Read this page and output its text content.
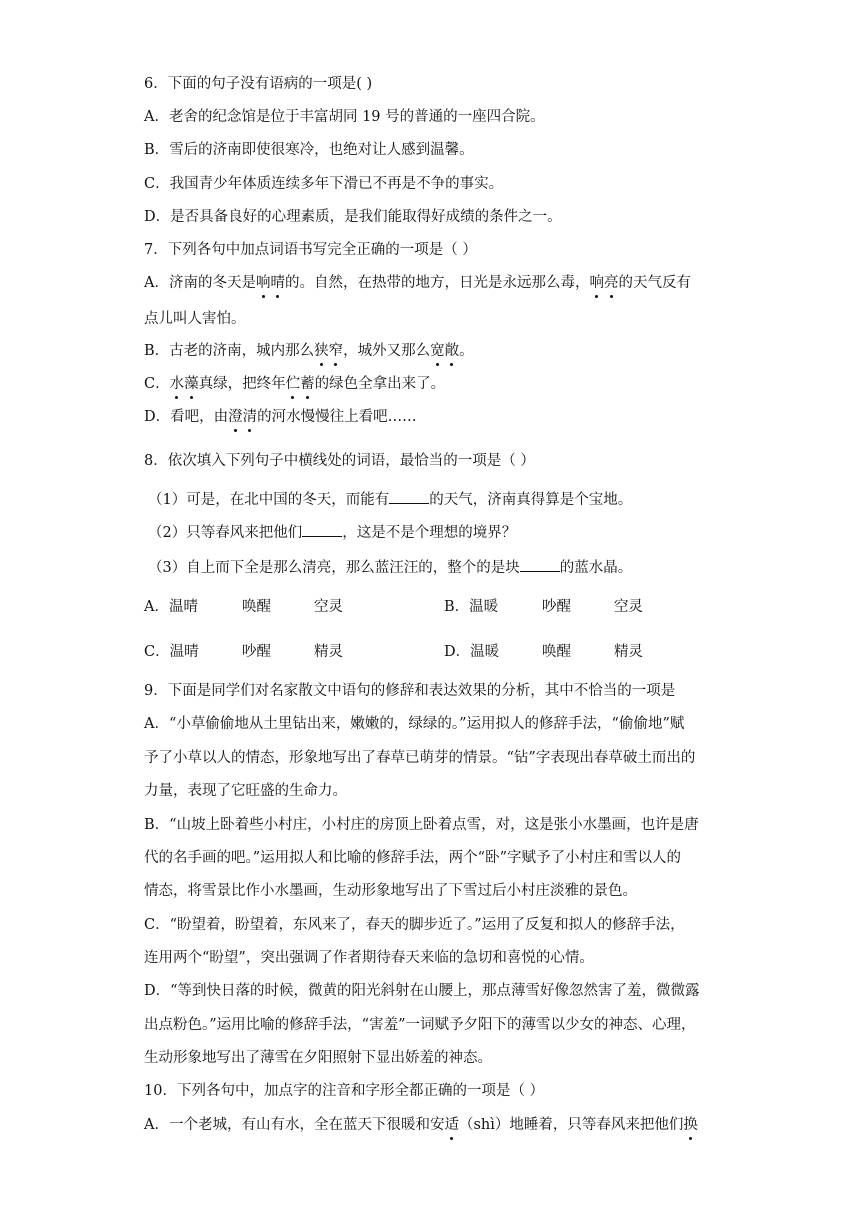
6．下面的句子没有语病的一项是( )
A．老舍的纪念馆是位于丰富胡同 19 号的普通的一座四合院。
B．雪后的济南即使很寒冷，也绝对让人感到温馨。
C．我国青少年体质连续多年下滑已不再是不争的事实。
D．是否具备良好的心理素质，是我们能取得好成绩的条件之一。
7．下列各句中加点词语书写完全正确的一项是（ ）
A．济南的冬天是响晴的。自然，在热带的地方，日光是永远那么毒，响亮的天气反有
点儿叫人害怕。
B．古老的济南，城内那么狭窄，城外又那么宽敞。
C．水藻真绿，把终年伫蓄的绿色全拿出来了。
D．看吧，由澄清的河水慢慢往上看吧……
8．依次填入下列句子中横线处的词语，最恰当的一项是（ ）
（1）可是，在北中国的冬天，而能有	的天气，济南真得算是个宝地。
（2）只等春风来把他们	，这是不是个理想的境界？
（3）自上而下全是那么清亮，那么蓝汪汪的，整个的是块	的蓝水晶。
A．温晴	唤醒	空灵	B．温暖	吵醒	空灵
C．温晴	吵醒	精灵	D．温暖	唤醒	精灵
9．下面是同学们对名家散文中语句的修辞和表达效果的分析，其中不恰当的一项是
A．“小草偷偷地从土里钻出来，嫩嫩的，绿绿的。”运用拟人的修辞手法，“偷偷地”赋
予了小草以人的情态，形象地写出了春草已萌芽的情景。“钻”字表现出春草破土而出的
力量，表现了它旺盛的生命力。
B．“山坡上卧着些小村庄，小村庄的房顶上卧着点雪，对，这是张小水墨画，也许是唐
代的名手画的吧。”运用拟人和比喻的修辞手法，两个“卧”字赋予了小村庄和雪以人的
情态，将雪景比作小水墨画，生动形象地写出了下雪过后小村庄淡雅的景色。
C．“盼望着，盼望着，东风来了，春天的脚步近了。”运用了反复和拟人的修辞手法，
连用两个“盼望”，突出强调了作者期待春天来临的急切和喜悦的心情。
D．“等到快日落的时候，微黄的阳光斜射在山腰上，那点薄雪好像忽然害了羞，微微露
出点粉色。”运用比喻的修辞手法，“害羞”一词赋予夕阳下的薄雪以少女的神态、心理，
生动形象地写出了薄雪在夕阳照射下显出娇羞的神态。
10．下列各句中，加点字的注音和字形全都正确的一项是（ ）
A．一个老城，有山有水，全在蓝天下很暖和安适（shì）地睡着，只等春风来把他们换
